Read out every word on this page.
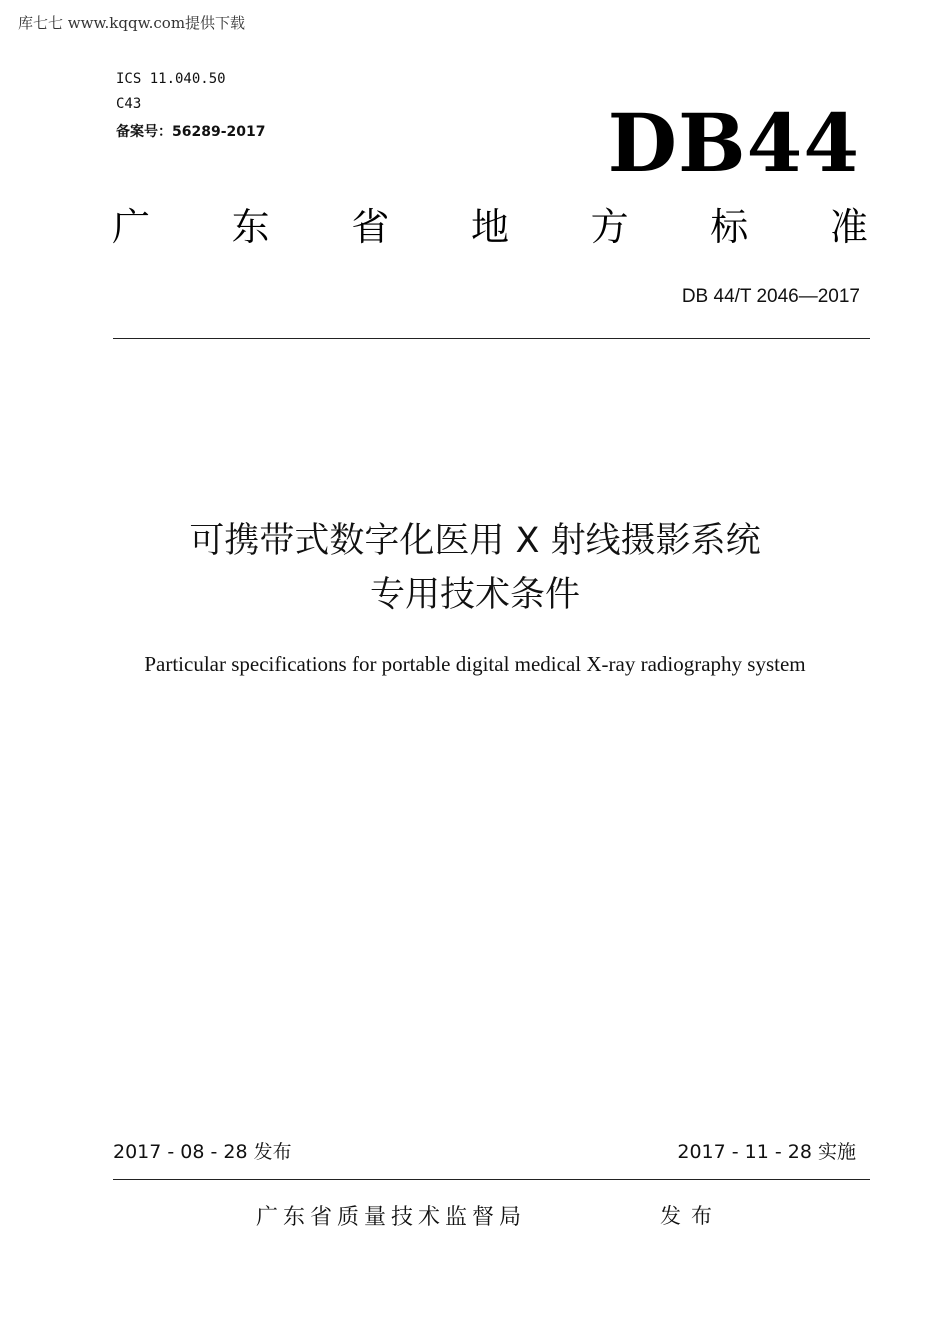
库七七 www.kqqw.com提供下载
ICS 11.040.50
C43
备案号：56289-2017	DB44
广 东 省 地 方 标 准
DB 44/T 2046—2017
可携带式数字化医用 X 射线摄影系统
专用技术条件
Particular specifications for portable digital medical X-ray radiography system
2017 - 08 - 28 发布	2017 - 11 - 28 实施
广东省质量技术监督局	发布
